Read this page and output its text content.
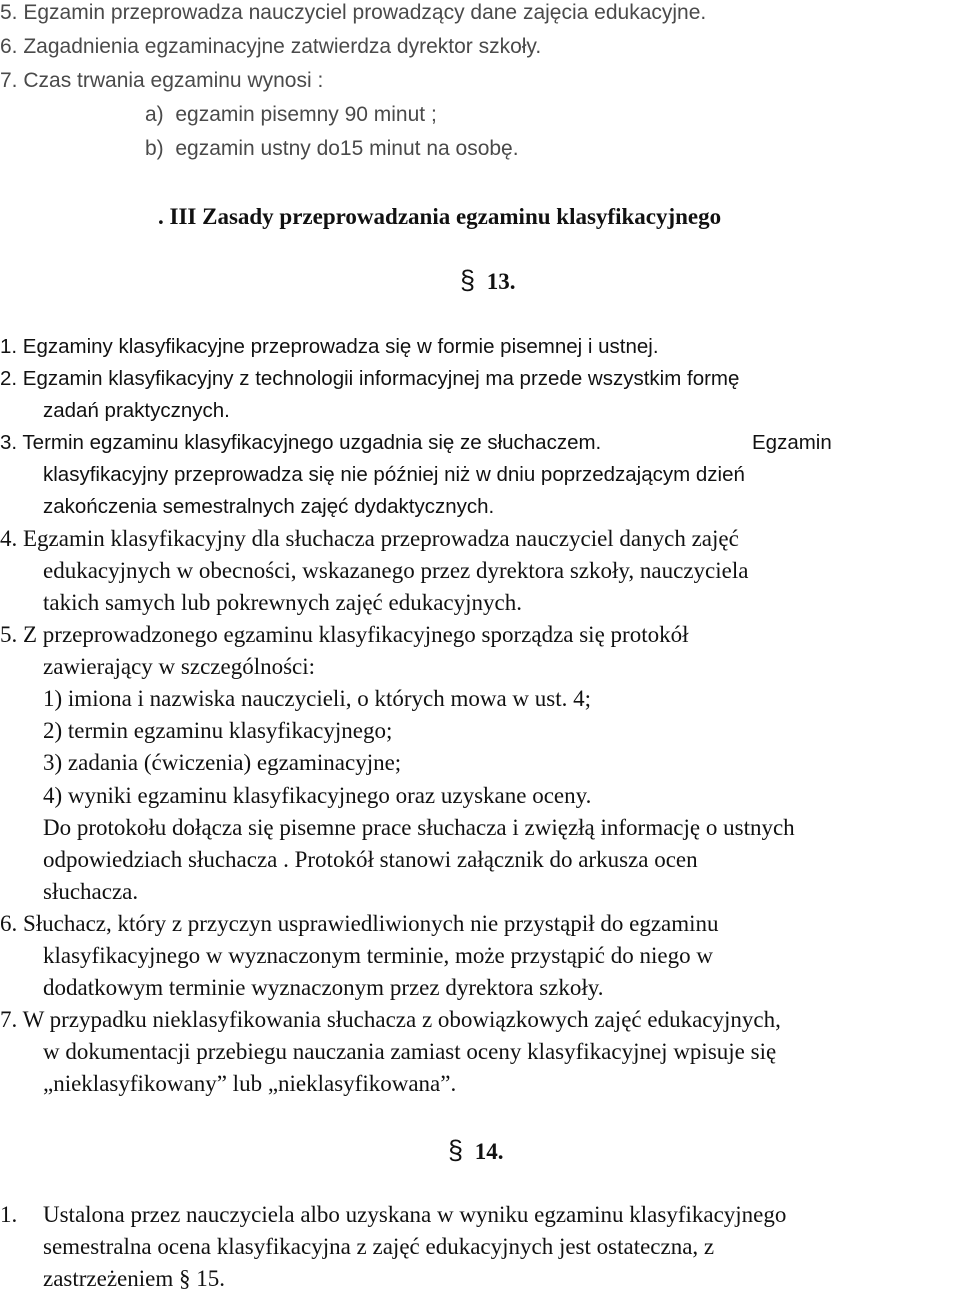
5. Egzamin przeprowadza nauczyciel prowadzący dane zajęcia edukacyjne.
6. Zagadnienia egzaminacyjne zatwierdza dyrektor szkoły.
7. Czas trwania egzaminu wynosi :
a)  egzamin pisemny 90 minut ;
b)  egzamin ustny do15 minut na osobę.
. III Zasady przeprowadzania egzaminu klasyfikacyjnego
§ 13.
1. Egzaminy klasyfikacyjne przeprowadza się w formie pisemnej i ustnej.
2. Egzamin klasyfikacyjny z technologii informacyjnej ma przede wszystkim formę
zadań praktycznych.
3. Termin egzaminu klasyfikacyjnego uzgadnia się ze słuchaczem.	Egzamin
klasyfikacyjny przeprowadza się nie później niż w dniu poprzedzającym dzień
zakończenia semestralnych zajęć dydaktycznych.
4. Egzamin klasyfikacyjny dla słuchacza przeprowadza nauczyciel danych zajęć
edukacyjnych w obecności, wskazanego przez dyrektora szkoły, nauczyciela
takich samych lub pokrewnych zajęć edukacyjnych.
5. Z przeprowadzonego egzaminu klasyfikacyjnego sporządza się protokół
zawierający w szczególności:
1) imiona i nazwiska nauczycieli, o których mowa w ust. 4;
2) termin egzaminu klasyfikacyjnego;
3) zadania (ćwiczenia) egzaminacyjne;
4) wyniki egzaminu klasyfikacyjnego oraz uzyskane oceny.
Do protokołu dołącza się pisemne prace słuchacza i zwięzłą informację o ustnych
odpowiedziach słuchacza . Protokół stanowi załącznik do arkusza ocen
słuchacza.
6. Słuchacz, który z przyczyn usprawiedliwionych nie przystąpił do egzaminu
klasyfikacyjnego w wyznaczonym terminie, może przystąpić do niego w
dodatkowym terminie wyznaczonym przez dyrektora szkoły.
7. W przypadku nieklasyfikowania słuchacza z obowiązkowych zajęć edukacyjnych,
w dokumentacji przebiegu nauczania zamiast oceny klasyfikacyjnej wpisuje się
„nieklasyfikowany” lub „nieklasyfikowana”.
§ 14.
1. Ustalona przez nauczyciela albo uzyskana w wyniku egzaminu klasyfikacyjnego
semestralna ocena klasyfikacyjna z zajęć edukacyjnych jest ostateczna, z
zastrzeżeniem § 15.
